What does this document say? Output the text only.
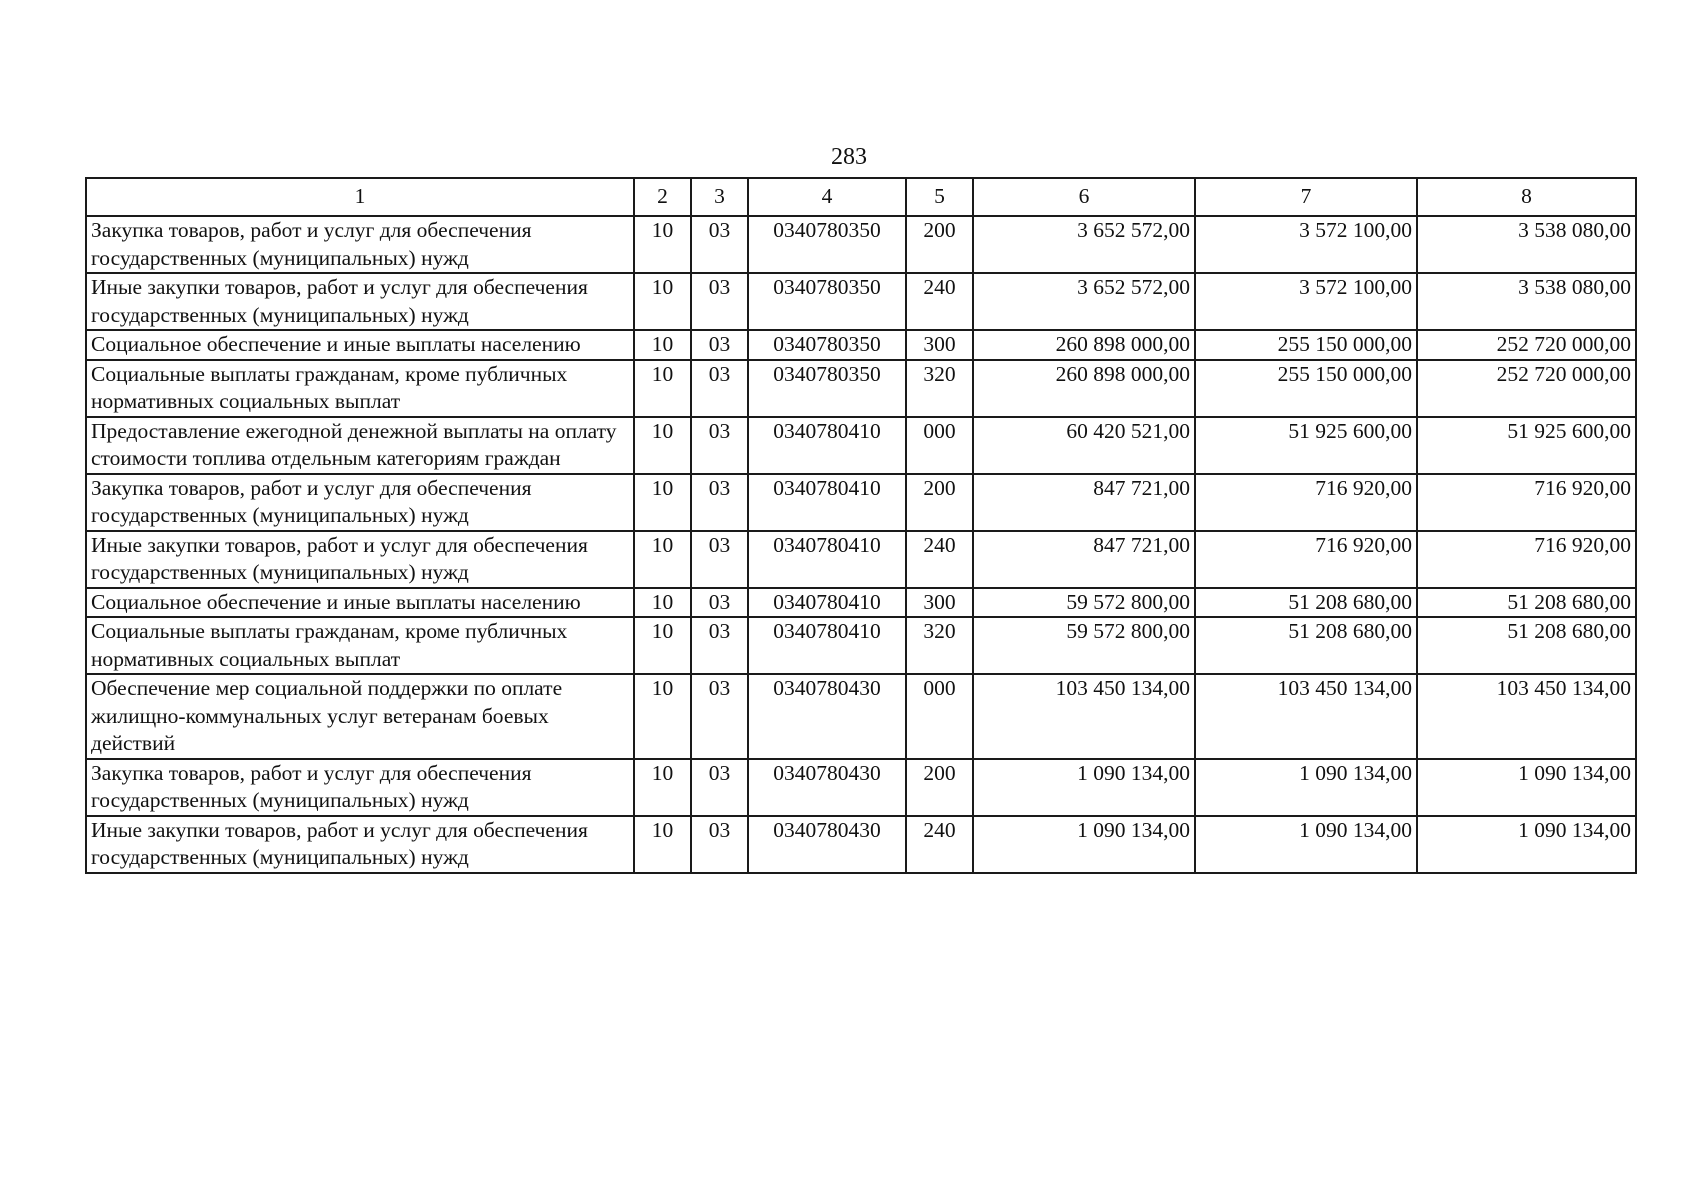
283
1	2	3	4	5	6	7	8
Закупка товаров, работ и услуг для обеспечения государственных (муниципальных) нужд	10	03	0340780350	200	3 652 572,00	3 572 100,00	3 538 080,00
Иные закупки товаров, работ и услуг для обеспечения государственных (муниципальных) нужд	10	03	0340780350	240	3 652 572,00	3 572 100,00	3 538 080,00
Социальное обеспечение и иные выплаты населению	10	03	0340780350	300	260 898 000,00	255 150 000,00	252 720 000,00
Социальные выплаты гражданам, кроме публичных нормативных социальных выплат	10	03	0340780350	320	260 898 000,00	255 150 000,00	252 720 000,00
Предоставление ежегодной денежной выплаты на оплату стоимости топлива отдельным категориям граждан	10	03	0340780410	000	60 420 521,00	51 925 600,00	51 925 600,00
Закупка товаров, работ и услуг для обеспечения государственных (муниципальных) нужд	10	03	0340780410	200	847 721,00	716 920,00	716 920,00
Иные закупки товаров, работ и услуг для обеспечения государственных (муниципальных) нужд	10	03	0340780410	240	847 721,00	716 920,00	716 920,00
Социальное обеспечение и иные выплаты населению	10	03	0340780410	300	59 572 800,00	51 208 680,00	51 208 680,00
Социальные выплаты гражданам, кроме публичных нормативных социальных выплат	10	03	0340780410	320	59 572 800,00	51 208 680,00	51 208 680,00
Обеспечение мер социальной поддержки по оплате жилищно-коммунальных услуг ветеранам боевых действий	10	03	0340780430	000	103 450 134,00	103 450 134,00	103 450 134,00
Закупка товаров, работ и услуг для обеспечения государственных (муниципальных) нужд	10	03	0340780430	200	1 090 134,00	1 090 134,00	1 090 134,00
Иные закупки товаров, работ и услуг для обеспечения государственных (муниципальных) нужд	10	03	0340780430	240	1 090 134,00	1 090 134,00	1 090 134,00
